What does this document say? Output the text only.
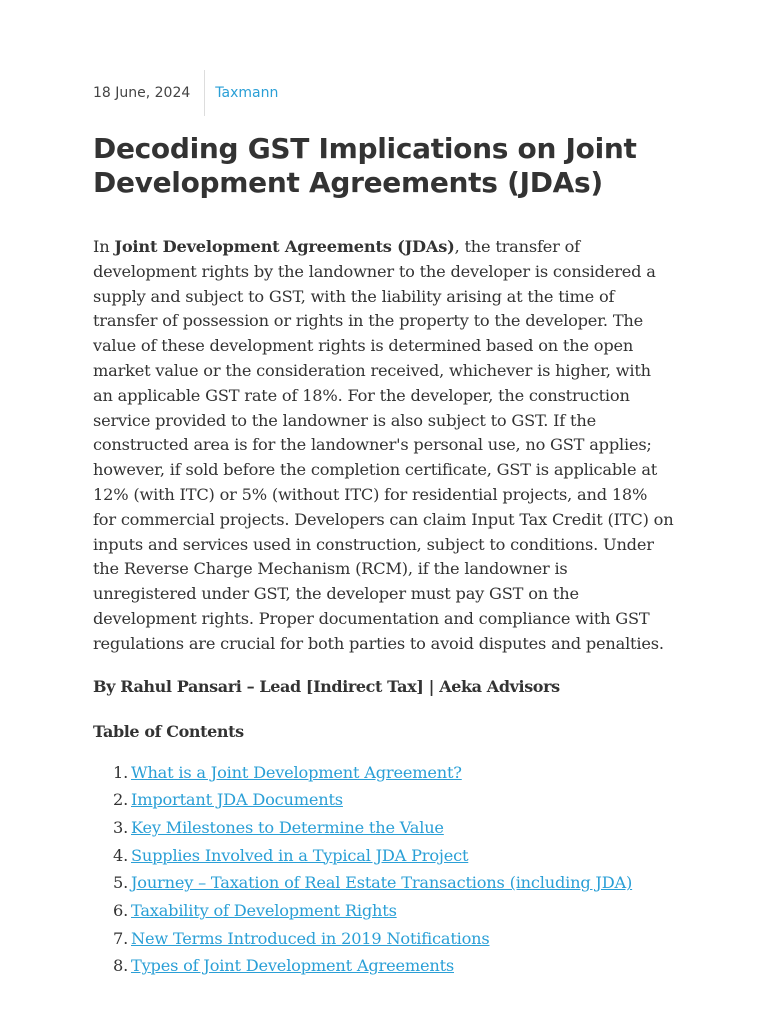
18 June, 2024	Taxmann
Decoding GST Implications on Joint Development Agreements (JDAs)

In Joint Development Agreements (JDAs), the transfer of development rights by the landowner to the developer is considered a supply and subject to GST, with the liability arising at the time of transfer of possession or rights in the property to the developer. The value of these development rights is determined based on the open market value or the consideration received, whichever is higher, with an applicable GST rate of 18%. For the developer, the construction service provided to the landowner is also subject to GST. If the constructed area is for the landowner's personal use, no GST applies; however, if sold before the completion certificate, GST is applicable at 12% (with ITC) or 5% (without ITC) for residential projects, and 18% for commercial projects. Developers can claim Input Tax Credit (ITC) on inputs and services used in construction, subject to conditions. Under the Reverse Charge Mechanism (RCM), if the landowner is unregistered under GST, the developer must pay GST on the development rights. Proper documentation and compliance with GST regulations are crucial for both parties to avoid disputes and penalties.

By Rahul Pansari – Lead [Indirect Tax] | Aeka Advisors

Table of Contents

1. What is a Joint Development Agreement?
2. Important JDA Documents
3. Key Milestones to Determine the Value
4. Supplies Involved in a Typical JDA Project
5. Journey – Taxation of Real Estate Transactions (including JDA)
6. Taxability of Development Rights
7. New Terms Introduced in 2019 Notifications
8. Types of Joint Development Agreements
